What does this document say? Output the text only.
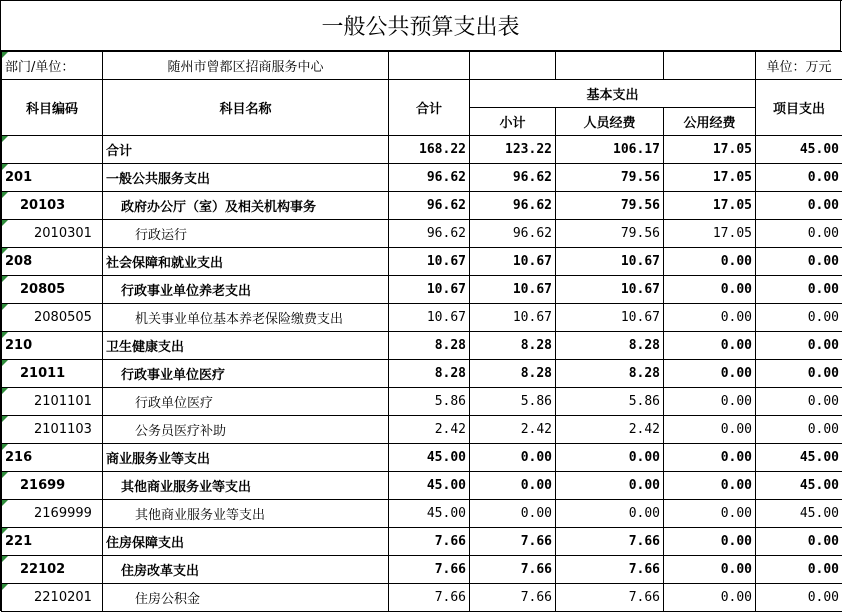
一般公共预算支出表
部门/单位：	随州市曾都区招商服务中心					单位：万元
科目编码	科目名称	合计	基本支出			项目支出
			小计	人员经费	公用经费	
	合计	168.22	123.22	106.17	17.05	45.00
201	一般公共服务支出	96.62	96.62	79.56	17.05	0.00
20103	政府办公厅（室）及相关机构事务	96.62	96.62	79.56	17.05	0.00
2010301	行政运行	96.62	96.62	79.56	17.05	0.00
208	社会保障和就业支出	10.67	10.67	10.67	0.00	0.00
20805	行政事业单位养老支出	10.67	10.67	10.67	0.00	0.00
2080505	机关事业单位基本养老保险缴费支出	10.67	10.67	10.67	0.00	0.00
210	卫生健康支出	8.28	8.28	8.28	0.00	0.00
21011	行政事业单位医疗	8.28	8.28	8.28	0.00	0.00
2101101	行政单位医疗	5.86	5.86	5.86	0.00	0.00
2101103	公务员医疗补助	2.42	2.42	2.42	0.00	0.00
216	商业服务业等支出	45.00	0.00	0.00	0.00	45.00
21699	其他商业服务业等支出	45.00	0.00	0.00	0.00	45.00
2169999	其他商业服务业等支出	45.00	0.00	0.00	0.00	45.00
221	住房保障支出	7.66	7.66	7.66	0.00	0.00
22102	住房改革支出	7.66	7.66	7.66	0.00	0.00
2210201	住房公积金	7.66	7.66	7.66	0.00	0.00
